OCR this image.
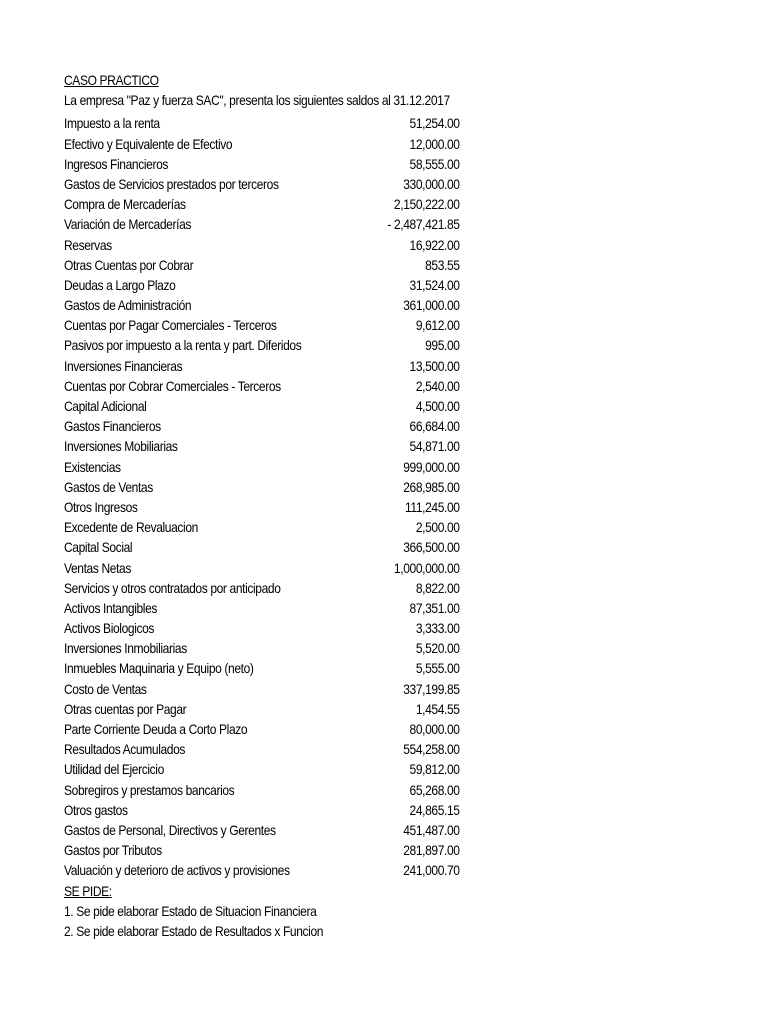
CASO PRACTICO
La empresa "Paz y fuerza SAC", presenta los siguientes saldos al 31.12.2017
Impuesto a la renta	51,254.00
Efectivo y Equivalente de Efectivo	12,000.00
Ingresos Financieros	58,555.00
Gastos de Servicios prestados por terceros	330,000.00
Compra de Mercaderías	2,150,222.00
Variación de Mercaderías	- 2,487,421.85
Reservas	16,922.00
Otras Cuentas por Cobrar	853.55
Deudas a Largo Plazo	31,524.00
Gastos de Administración	361,000.00
Cuentas por Pagar Comerciales - Terceros	9,612.00
Pasivos por impuesto a la renta y part. Diferidos	995.00
Inversiones Financieras	13,500.00
Cuentas por Cobrar Comerciales - Terceros	2,540.00
Capital Adicional	4,500.00
Gastos Financieros	66,684.00
Inversiones Mobiliarias	54,871.00
Existencias	999,000.00
Gastos de Ventas	268,985.00
Otros Ingresos	111,245.00
Excedente de Revaluacion	2,500.00
Capital Social	366,500.00
Ventas Netas	1,000,000.00
Servicios y otros contratados por anticipado	8,822.00
Activos Intangibles	87,351.00
Activos Biologicos	3,333.00
Inversiones Inmobiliarias	5,520.00
Inmuebles Maquinaria y Equipo (neto)	5,555.00
Costo de Ventas	337,199.85
Otras cuentas por Pagar	1,454.55
Parte Corriente Deuda a Corto Plazo	80,000.00
Resultados Acumulados	554,258.00
Utilidad del Ejercicio	59,812.00
Sobregiros y prestamos bancarios	65,268.00
Otros gastos	24,865.15
Gastos de Personal, Directivos y Gerentes	451,487.00
Gastos por Tributos	281,897.00
Valuación y deterioro de activos y provisiones	241,000.70
SE PIDE:
1. Se pide elaborar Estado de Situacion Financiera
2. Se pide elaborar Estado de Resultados x Funcion
